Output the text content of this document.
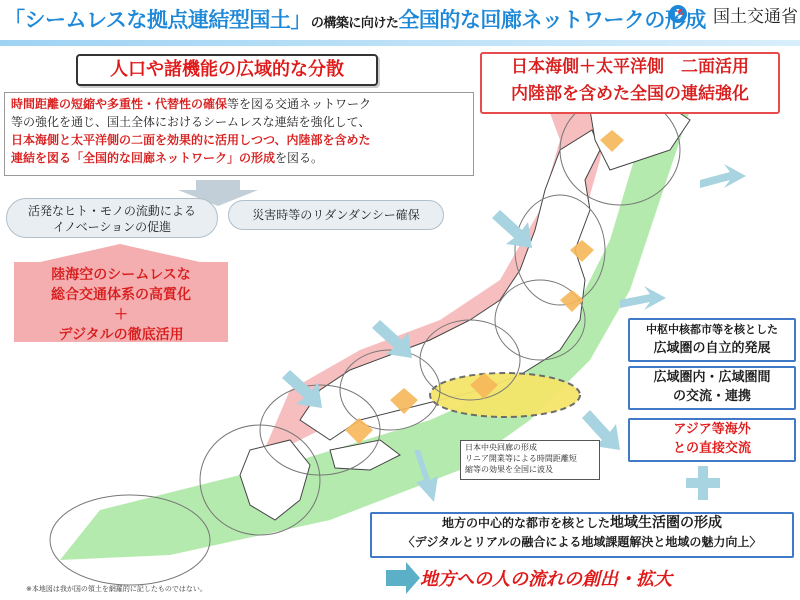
「シームレスな拠点連結型国土」の構築に向けた全国的な回廊ネットワークの形成 国土交通省
人口や諸機能の広域的な分散
時間距離の短縮や多重性・代替性の確保等を図る交通ネットワーク
等の強化を通じ、国土全体におけるシームレスな連結を強化して、
日本海側と太平洋側の二面を効果的に活用しつつ、内陸部を含めた
連結を図る「全国的な回廊ネットワーク」の形成を図る。
活発なヒト・モノの流動による
イノベーションの促進
災害時等のリダンダンシー確保
陸海空のシームレスな
総合交通体系の高質化
＋
デジタルの徹底活用
日本海側＋太平洋側　二面活用
内陸部を含めた全国の連結強化
中枢中核都市等を核とした
広域圏の自立的発展
広域圏内・広域圏間
の交流・連携
アジア等海外
との直接交流
地方の中心的な都市を核とした地域生活圏の形成
〈デジタルとリアルの融合による地域課題解決と地域の魅力向上〉
日本中央回廊の形成
リニア開業等による時間距離短
縮等の効果を全国に波及
地方への人の流れの創出・拡大
※本地図は我が国の領土を網羅的に記したものではない。
